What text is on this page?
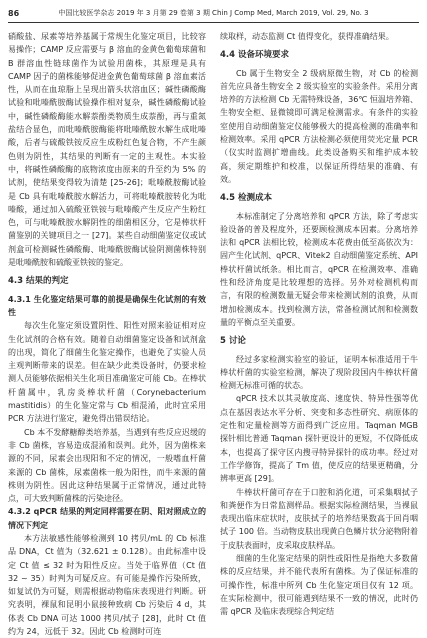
86	中国比较医学杂志 2019 年 3 月第 29 卷第 3 期 Chin J Comp Med, March 2019, Vol. 29, No. 3

硝酸盐、尿素等培养基属于常规生化鉴定项目，比较容易操作；CAMP 反应需要与 β 溶血的金黄色葡萄球菌和 B 群溶血性链球菌作为试验用菌株，其原理是具有 CAMP 因子的菌株能够促进金黄色葡萄球菌 β 溶血素活性，从而在血琼脂上呈现出箭头状溶血区；碱性磷酸酶试验和吡嗪酰胺酶试验操作相对复杂，碱性磷酸酶试验中，碱性磷酸酶能水解萘酚类物质生成萘酚，再与重氮盐结合显色，而吡嗪酰胺酶能将吡嗪酰胺水解生成吡嗪酸，后者与硫酸铁铵反应生成粉红色复合物，不产生颜色则为阴性，其结果的判断有一定的主观性。本实验中，将碱性磷酸酶的底物浓度由原来的升至约为 5% 的试剂，使结果变得较为清楚 [25-26]；吡嗪酰胺酶试验是 Cb 具有吡嗪酰胺水解活力，可将吡嗪酰胺转化为吡嗪酸，通过加入硫酸亚铁铵与吡嗪酸产生反应产生粉红色，可与吡嗪酰胺水解阴性的细菌相区分，它是棒状杆菌鉴别的关键项目之一 [27]。某些自动细菌鉴定仪或试剂盒可检测碱性磷酸酶、吡嗪酰胺酶试验阴测菌株特别是吡嗪酰胺和硫酸亚铁铵的鉴定。

4.3 结果的判定

4.3.1 生化鉴定结果可靠的前提是确保生化试剂的有效性

每次生化鉴定须设置阴性、阳性对照来验证相对应生化试剂的合格有效。随着自动细菌鉴定设备和试剂盒的出现，简化了细菌生化鉴定操作，也避免了实验人员主观判断带来的误差。但在缺少此类设备时，仍要求检测人员能够依据相关生化项目准确鉴定可能 Cb。在棒状杆菌属中，乳房炎棒状杆菌（Corynebacterium mastitidis）的生化鉴定常与 Cb 相混淆，此时宜采用 PCR 方法进行鉴定，避免得出错误结论。

Cb 本不发酵糖醇类培养基，当遇到有些反应迟缓的非 Cb 菌株，容易造成混淆和误判。此外，因为菌株来源的不同，尿素会出现阳和不定的情况，一般嗜血杆菌来源的 Cb 菌株，尿素菌株一般为阳性，而牛来源的菌株则为阴性。因此这种结果属于正常情况，通过此特点，可大致判断菌株的污染途径。

4.3.2 qPCR 结果的判定同样需要在阴、阳对照成立的情况下判定

本方法敏感性能够检测到 10 拷贝/mL 的 Cb 标准品 DNA，Ct 值为（32.621 ± 0.128）。由此标准中设定 Ct 值 ≤ 32 时为阳性反应。当处于临界值（Ct 值 32 ~ 35）时判为可疑反应。有可能是操作污染所致，如复试仍为可疑，则需根据动物临床表现进行判断。研究表明，裸鼠和昆明小鼠接种致病 Cb 污染后 4 d，其体表 Cb DNA 可达 1000 拷贝/拭子 [28]，此时 Ct 值约为 24，远低于 32。因此 Cb 检测时可连

续取样，动态监测 Ct 值得变化，获得准确结果。

4.4 设备环境要求

Cb 属于生物安全 2 级病原微生物，对 Cb 的检测首先应具备生物安全 2 级实验室的实验条件。采用分离培养的方法检测 Cb 无需特殊设备，36℃ 恒温培养箱、生物安全柜、显微镜即可满足检测需求。有条件的实验室使用自动细菌鉴定仪能够极大的提高检测的准确率和检测效率。采用 qPCR 方法检测必须使用荧光定量 PCR（仪实时监测扩增曲线。此类设备购买和维护成本较高，须定期维护和校准，以保证所得结果的准确、有效。

4.5 检测成本

本标准制定了分离培养和 qPCR 方法，除了考虑实验设备的普及程度外，还要顾检测成本因素。分离培养法和 qPCR 法相比较，检测成本花费由低至高依次为：固产生化试剂、qPCR、Vitek2 自动细菌鉴定系统、API 棒状杆菌试纸条。相比而言，qPCR 在检测效率、准确性和经济角度是比较理想的选择。另外对检测机构而言，有限的检测数量无疑会带来检测试剂的浪费，从而增加检测成本。找到检测方法，常备检测试剂和检测数量的平衡点至关重要。

5 讨论

经过多家检测实验室的验证，证明本标准适用于牛棒状杆菌的实验室检测，解决了现阶段国内牛棒状杆菌检测无标准可循的状态。

qPCR 技术以其灵敏度高、速度快、特异性强等优点在基因表达水平分析、突变和多态性研究、病原体的定性和定量检测等方面得到广泛应用。Taqman MGB 探针相比普通 Taqman 探针更设计的更短，不仅降低成本，也提高了探守区内搜寻特异探针的成功率。经过对工作学修饰，提高了 Tm 值，使反应的结果更精确，分辨率更高 [29]。

牛棒状杆菌可存在于口腔和消化道，可采集咽拭子和粪便作为日常监测样品。根据实际检测结果，当裸鼠表现出临床症状时，皮肤拭子的培养结果数高于回肖咽拭子 100 倍。当动物皮肤出现黄白色鳞片状分泌物附着于皮肤表面时，皮采取皮肤样品。

细菌的生化鉴定结果的阴性或阳性是指绝大多数菌株的反应结果，并不能代表所有菌株。为了保证标准的可操作性，标准中所列 Cb 生化鉴定项目仅有 12 项。在实际检测中，很可能遇到结果不一致的情况，此时仍需 qPCR 及临床表现综合判定结
